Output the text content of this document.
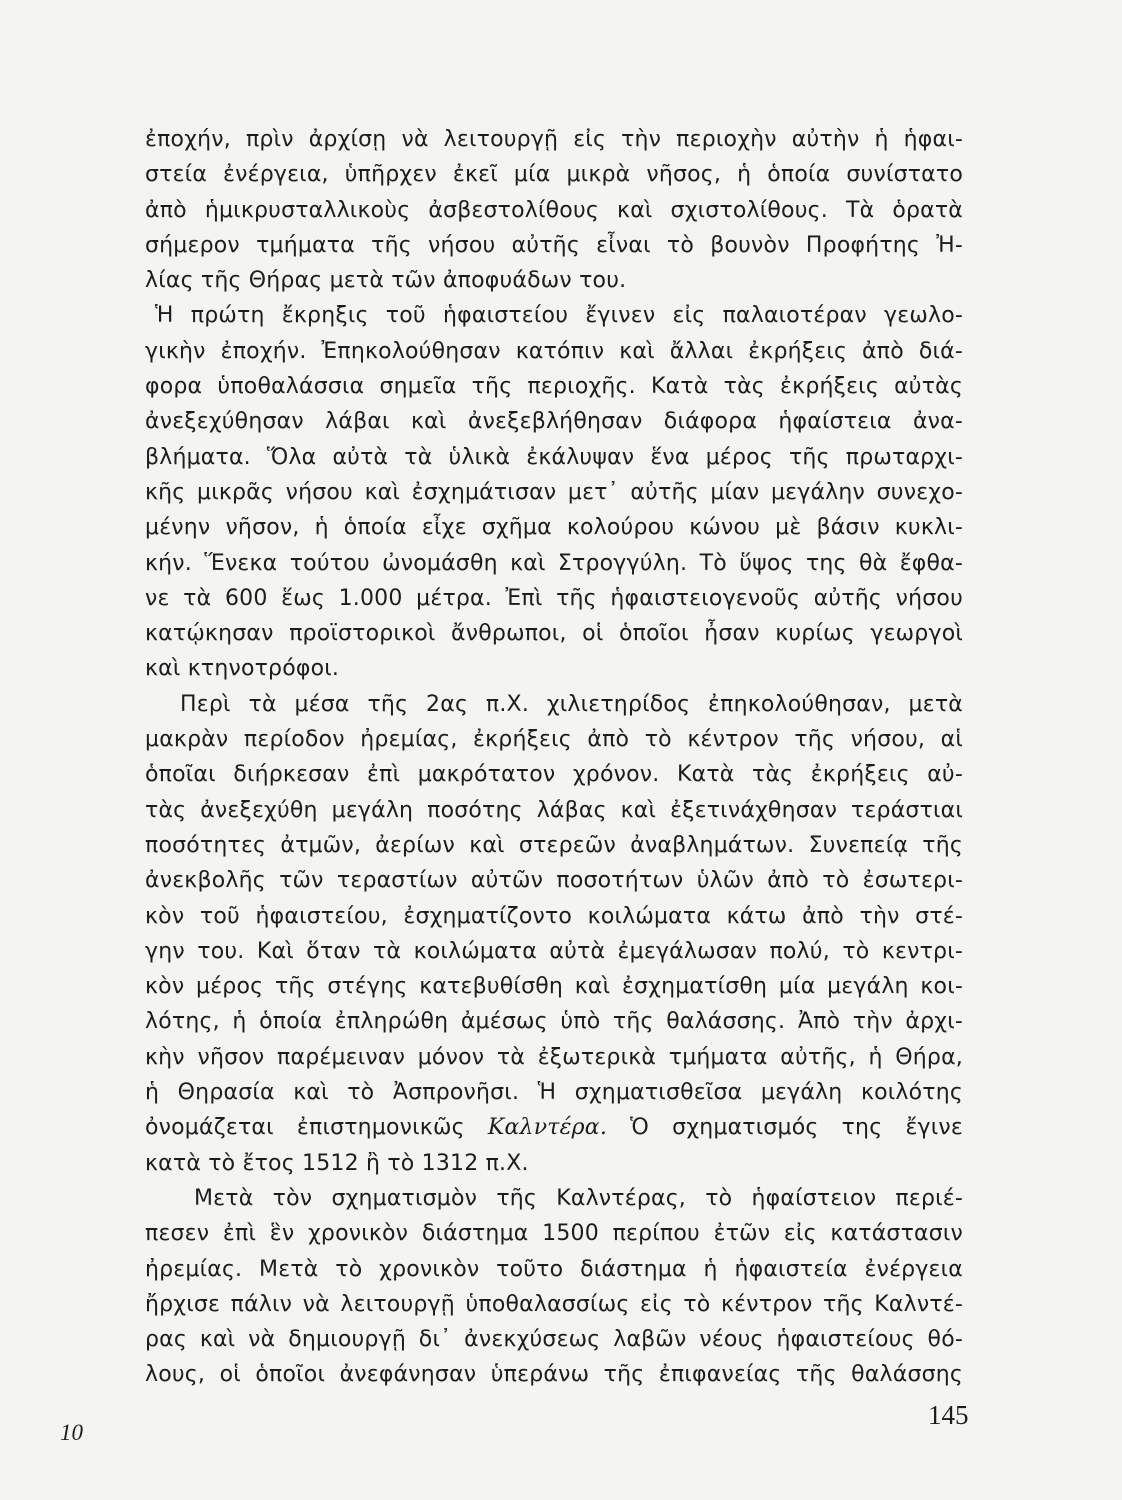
ἐποχήν, πρὶν ἀρχίσῃ νὰ λειτουργῇ εἰς τὴν περιοχὴν αὐτὴν ἡ ἡφαι-
στεία ἐνέργεια, ὑπῆρχεν ἐκεῖ μία μικρὰ νῆσος, ἡ ὁποία συνίστατο
ἀπὸ ἡμικρυσταλλικοὺς ἀσβεστολίθους καὶ σχιστολίθους. Τὰ ὁρατὰ
σήμερον τμήματα τῆς νήσου αὐτῆς εἶναι τὸ βουνὸν Προφήτης Ἠ-
λίας τῆς Θήρας μετὰ τῶν ἀποφυάδων του.
Ἡ πρώτη ἔκρηξις τοῦ ἡφαιστείου ἔγινεν εἰς παλαιοτέραν γεωλο-
γικὴν ἐποχήν. Ἐπηκολούθησαν κατόπιν καὶ ἄλλαι ἐκρήξεις ἀπὸ διά-
φορα ὑποθαλάσσια σημεῖα τῆς περιοχῆς. Κατὰ τὰς ἐκρήξεις αὐτὰς
ἀνεξεχύθησαν λάβαι καὶ ἀνεξεβλήθησαν διάφορα ἡφαίστεια ἀνα-
βλήματα. Ὅλα αὐτὰ τὰ ὑλικὰ ἐκάλυψαν ἕνα μέρος τῆς πρωταρχι-
κῆς μικρᾶς νήσου καὶ ἐσχημάτισαν μετ᾽ αὐτῆς μίαν μεγάλην συνεχο-
μένην νῆσον, ἡ ὁποία εἶχε σχῆμα κολούρου κώνου μὲ βάσιν κυκλι-
κήν. Ἕνεκα τούτου ὠνομάσθη καὶ Στρογγύλη. Τὸ ὕψος της θὰ ἔφθα-
νε τὰ 600 ἕως 1.000 μέτρα. Ἐπὶ τῆς ἡφαιστειογενοῦς αὐτῆς νήσου
κατῴκησαν προϊστορικοὶ ἄνθρωποι, οἱ ὁποῖοι ἦσαν κυρίως γεωργοὶ
καὶ κτηνοτρόφοι.
Περὶ τὰ μέσα τῆς 2ας π.Χ. χιλιετηρίδος ἐπηκολούθησαν, μετὰ
μακρὰν περίοδον ἠρεμίας, ἐκρήξεις ἀπὸ τὸ κέντρον τῆς νήσου, αἱ
ὁποῖαι διήρκεσαν ἐπὶ μακρότατον χρόνον. Κατὰ τὰς ἐκρήξεις αὐ-
τὰς ἀνεξεχύθη μεγάλη ποσότης λάβας καὶ ἐξετινάχθησαν τεράστιαι
ποσότητες ἀτμῶν, ἀερίων καὶ στερεῶν ἀναβλημάτων. Συνεπείᾳ τῆς
ἀνεκβολῆς τῶν τεραστίων αὐτῶν ποσοτήτων ὑλῶν ἀπὸ τὸ ἐσωτερι-
κὸν τοῦ ἡφαιστείου, ἐσχηματίζοντο κοιλώματα κάτω ἀπὸ τὴν στέ-
γην του. Καὶ ὅταν τὰ κοιλώματα αὐτὰ ἐμεγάλωσαν πολύ, τὸ κεντρι-
κὸν μέρος τῆς στέγης κατεβυθίσθη καὶ ἐσχηματίσθη μία μεγάλη κοι-
λότης, ἡ ὁποία ἐπληρώθη ἀμέσως ὑπὸ τῆς θαλάσσης. Ἀπὸ τὴν ἀρχι-
κὴν νῆσον παρέμειναν μόνον τὰ ἐξωτερικὰ τμήματα αὐτῆς, ἡ Θήρα,
ἡ Θηρασία καὶ τὸ Ἀσπρονῆσι. Ἡ σχηματισθεῖσα μεγάλη κοιλότης
ὀνομάζεται ἐπιστημονικῶς Καλντέρα. Ὁ σχηματισμός της ἔγινε
κατὰ τὸ ἔτος 1512 ἢ τὸ 1312 π.Χ.
Μετὰ τὸν σχηματισμὸν τῆς Καλντέρας, τὸ ἡφαίστειον περιέ-
πεσεν ἐπὶ ἓν χρονικὸν διάστημα 1500 περίπου ἐτῶν εἰς κατάστασιν
ἠρεμίας. Μετὰ τὸ χρονικὸν τοῦτο διάστημα ἡ ἡφαιστεία ἐνέργεια
ἤρχισε πάλιν νὰ λειτουργῇ ὑποθαλασσίως εἰς τὸ κέντρον τῆς Καλντέ-
ρας καὶ νὰ δημιουργῇ δι᾽ ἀνεκχύσεως λαβῶν νέους ἡφαιστείους θό-
λους, οἱ ὁποῖοι ἀνεφάνησαν ὑπεράνω τῆς ἐπιφανείας τῆς θαλάσσης
145
10
